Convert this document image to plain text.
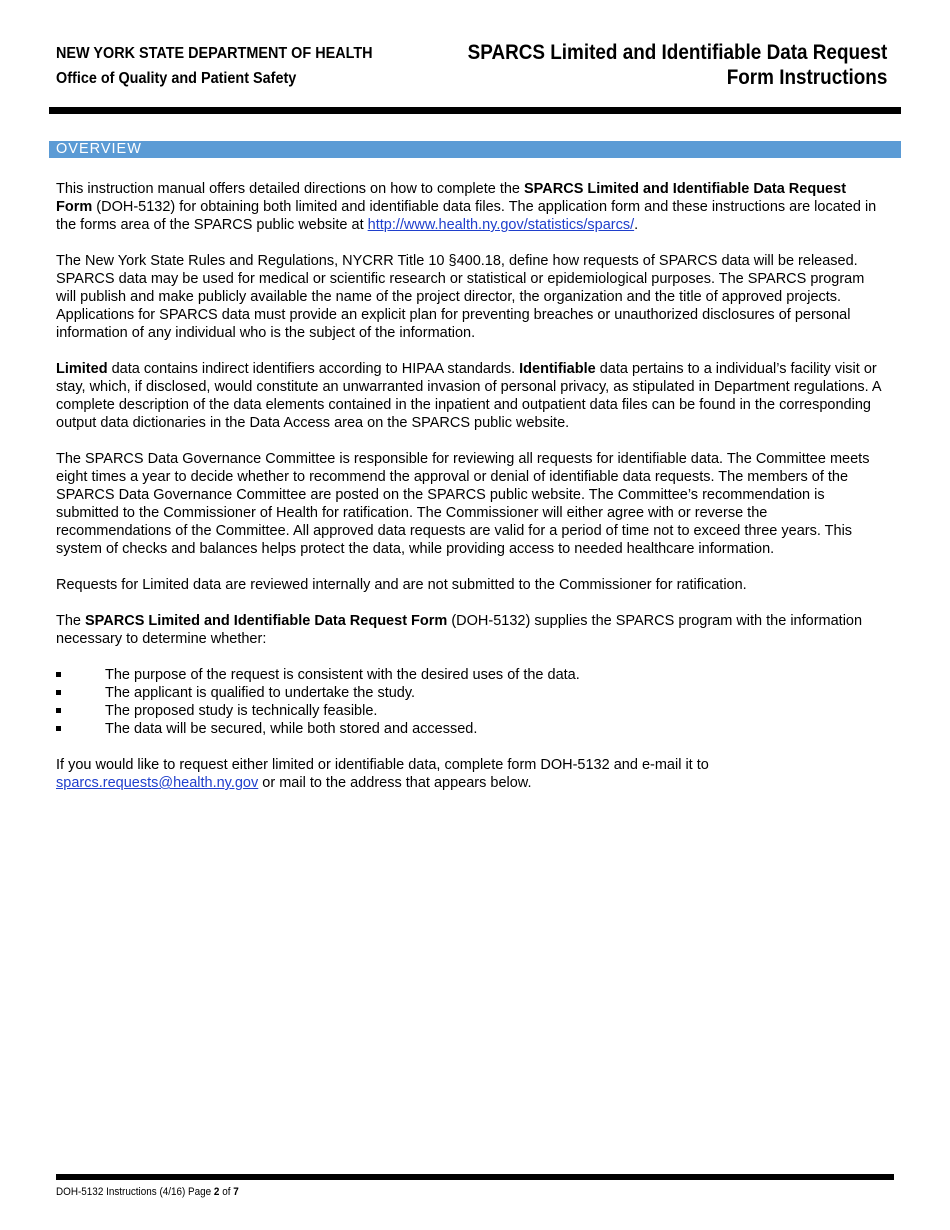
NEW YORK STATE DEPARTMENT OF HEALTH
Office of Quality and Patient Safety
SPARCS Limited and Identifiable Data Request
Form Instructions
OVERVIEW

This instruction manual offers detailed directions on how to complete the SPARCS Limited and Identifiable Data Request Form (DOH-5132) for obtaining both limited and identifiable data files. The application form and these instructions are located in the forms area of the SPARCS public website at http://www.health.ny.gov/statistics/sparcs/.

The New York State Rules and Regulations, NYCRR Title 10 §400.18, define how requests of SPARCS data will be released. SPARCS data may be used for medical or scientific research or statistical or epidemiological purposes. The SPARCS program will publish and make publicly available the name of the project director, the organization and the title of approved projects. Applications for SPARCS data must provide an explicit plan for preventing breaches or unauthorized disclosures of personal information of any individual who is the subject of the information.

Limited data contains indirect identifiers according to HIPAA standards. Identifiable data pertains to a individual’s facility visit or stay, which, if disclosed, would constitute an unwarranted invasion of personal privacy, as stipulated in Department regulations. A complete description of the data elements contained in the inpatient and outpatient data files can be found in the corresponding output data dictionaries in the Data Access area on the SPARCS public website.

The SPARCS Data Governance Committee is responsible for reviewing all requests for identifiable data. The Committee meets eight times a year to decide whether to recommend the approval or denial of identifiable data requests. The members of the SPARCS Data Governance Committee are posted on the SPARCS public website. The Committee’s recommendation is submitted to the Commissioner of Health for ratification. The Commissioner will either agree with or reverse the recommendations of the Committee. All approved data requests are valid for a period of time not to exceed three years. This system of checks and balances helps protect the data, while providing access to needed healthcare information.

Requests for Limited data are reviewed internally and are not submitted to the Commissioner for ratification.

The SPARCS Limited and Identifiable Data Request Form (DOH-5132) supplies the SPARCS program with the information necessary to determine whether:

The purpose of the request is consistent with the desired uses of the data.
The applicant is qualified to undertake the study.
The proposed study is technically feasible.
The data will be secured, while both stored and accessed.

If you would like to request either limited or identifiable data, complete form DOH-5132 and e-mail it to sparcs.requests@health.ny.gov or mail to the address that appears below.

DOH-5132 Instructions (4/16) Page 2 of 7
